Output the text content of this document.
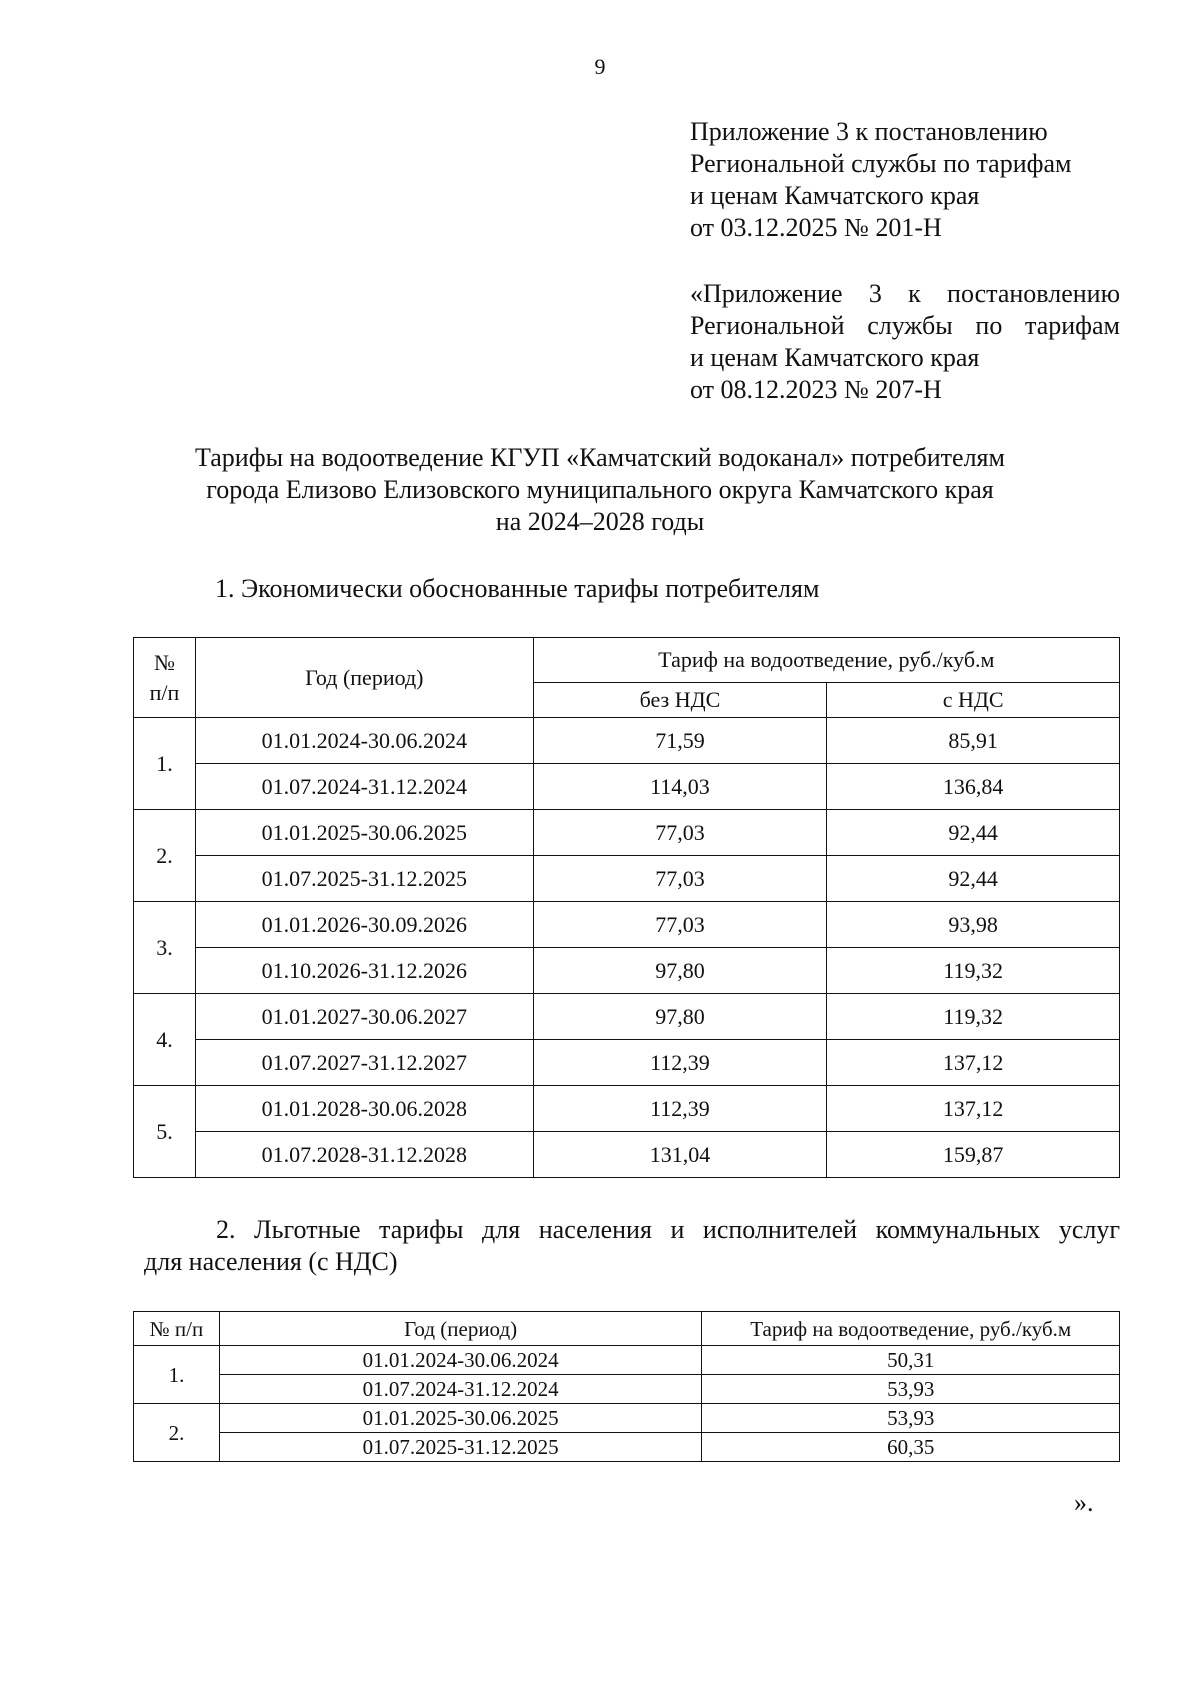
9
Приложение 3 к постановлению
Региональной службы по тарифам
и ценам Камчатского края
от 03.12.2025 № 201-Н
«Приложение 3 к постановлению
Региональной службы по тарифам
и ценам Камчатского края
от 08.12.2023 № 207-Н
Тарифы на водоотведение КГУП «Камчатский водоканал» потребителям
города Елизово Елизовского муниципального округа Камчатского края
на 2024–2028 годы
1. Экономически обоснованные тарифы потребителям
№ п/п	Год (период)	Тариф на водоотведение, руб./куб.м	
		без НДС	с НДС
1.	01.01.2024-30.06.2024	71,59	85,91
	01.07.2024-31.12.2024	114,03	136,84
2.	01.01.2025-30.06.2025	77,03	92,44
	01.07.2025-31.12.2025	77,03	92,44
3.	01.01.2026-30.09.2026	77,03	93,98
	01.10.2026-31.12.2026	97,80	119,32
4.	01.01.2027-30.06.2027	97,80	119,32
	01.07.2027-31.12.2027	112,39	137,12
5.	01.01.2028-30.06.2028	112,39	137,12
	01.07.2028-31.12.2028	131,04	159,87
2. Льготные тарифы для населения и исполнителей коммунальных услуг
для населения (с НДС)
№ п/п	Год (период)	Тариф на водоотведение, руб./куб.м
1.	01.01.2024-30.06.2024	50,31
	01.07.2024-31.12.2024	53,93
2.	01.01.2025-30.06.2025	53,93
	01.07.2025-31.12.2025	60,35
».
